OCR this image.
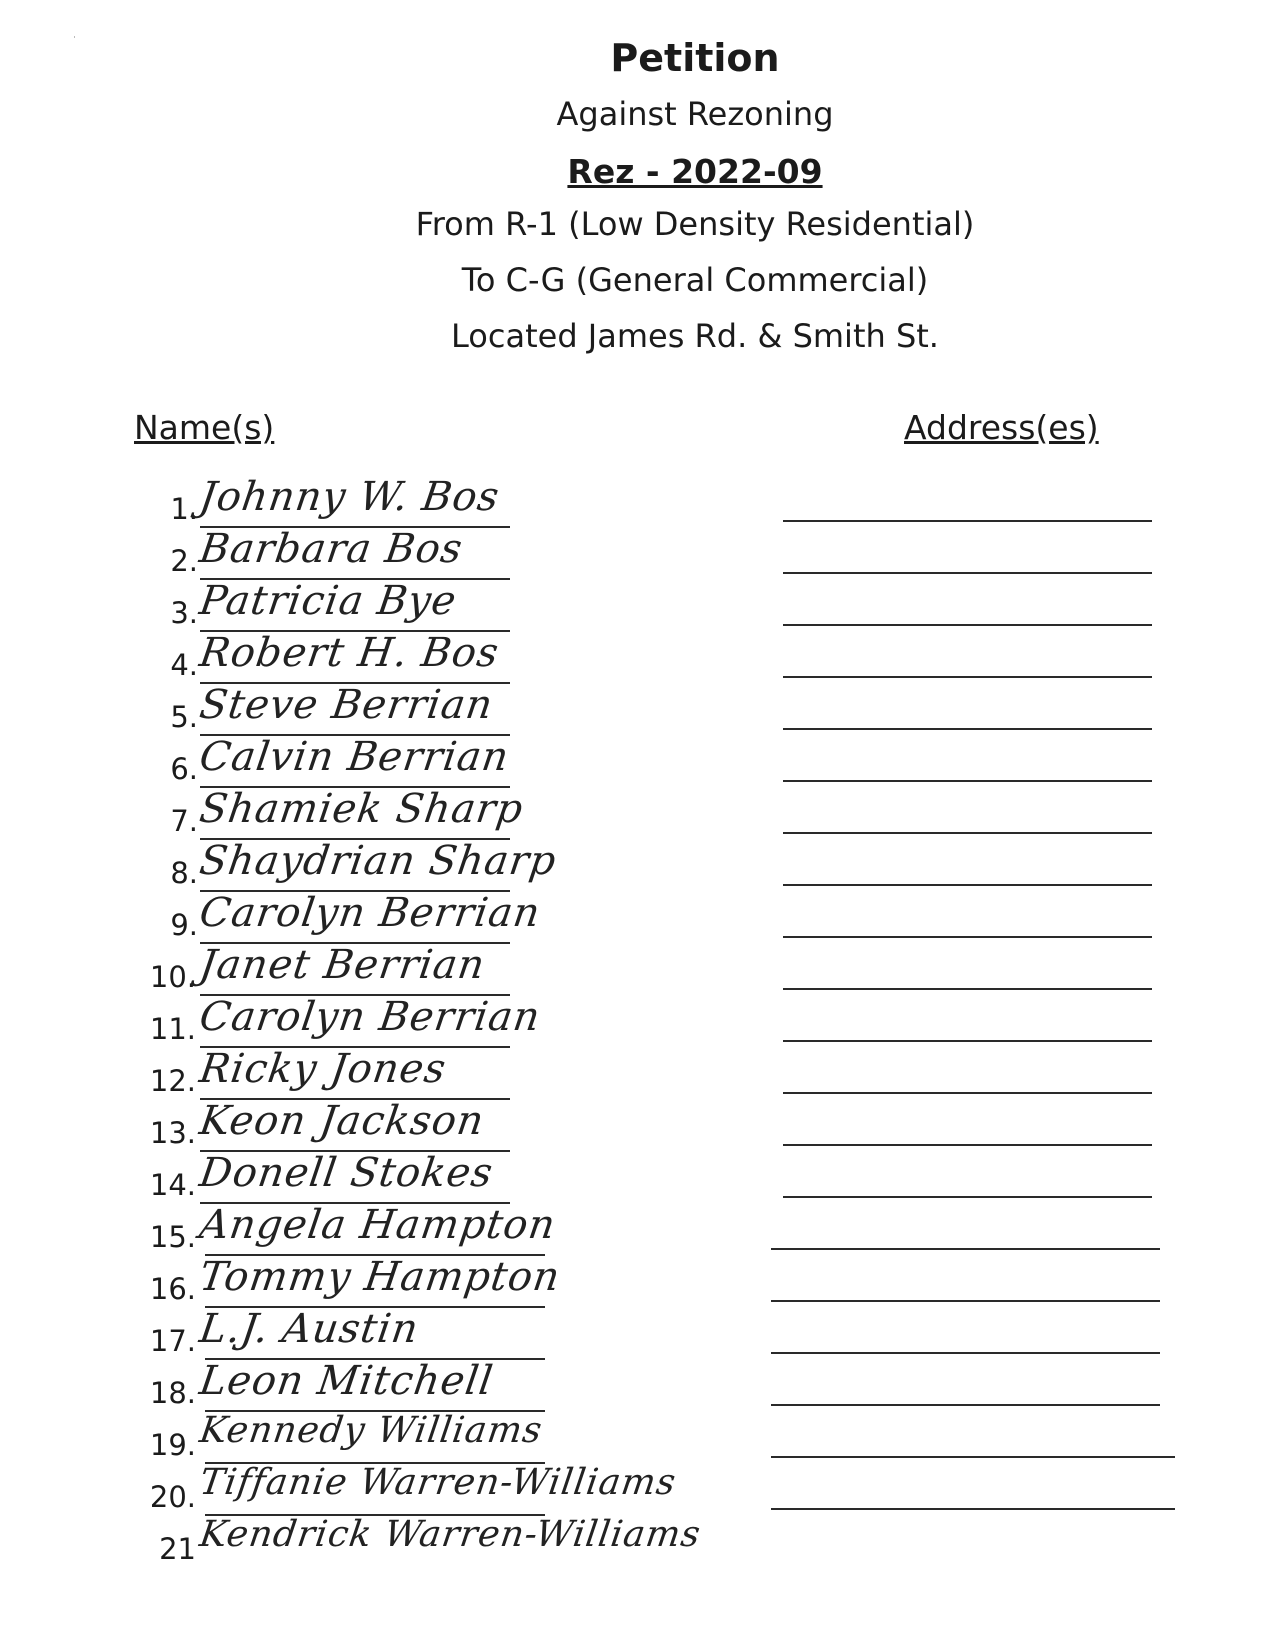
˙	Petition
Against Rezoning
Rez - 2022-09
From R-1 (Low Density Residential)
To C-G (General Commercial)
Located James Rd. & Smith St.
Name(s)	Address(es)
1.
Johnny W. Bos
2.
Barbara Bos
3.
Patricia Bye
4.
Robert H. Bos
5.
Steve Berrian
6.
Calvin Berrian
7.
Shamiek Sharp
8.
Shaydrian Sharp
9.
Carolyn Berrian
10. Janet Berrian
11. Carolyn Berrian
12. Ricky Jones
13. Keon Jackson
14. Donell Stokes
15. Angela Hampton
16. Tommy Hampton
17. L.J. Austin
18. Leon Mitchell
19. Kennedy Williams
20. Tiffanie Warren-Williams
21 Kendrick Warren-Williams
